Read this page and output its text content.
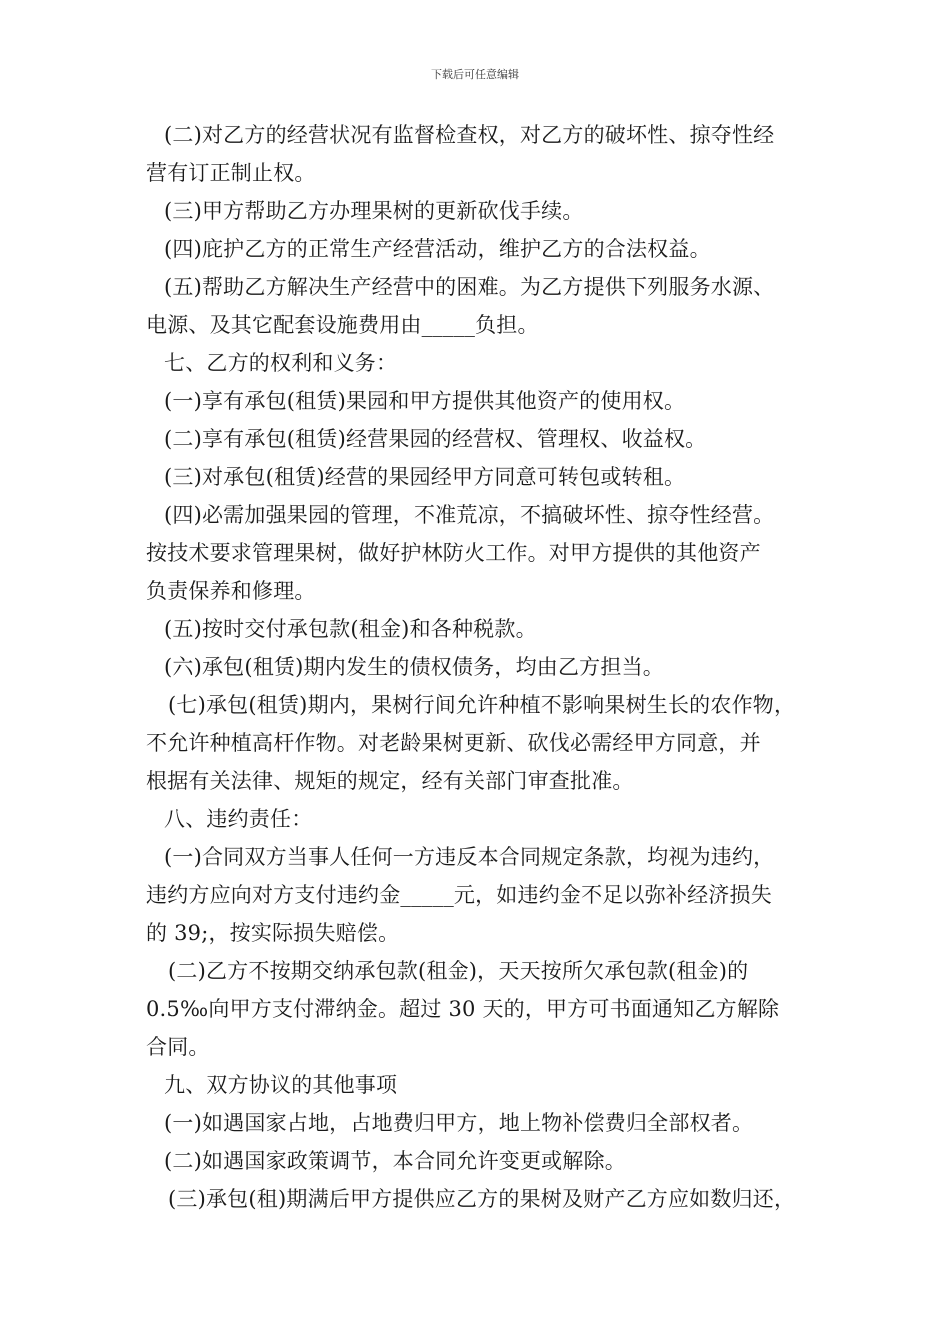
下载后可任意编辑
(二)对乙方的经营状况有监督检查权，对乙方的破坏性、掠夺性经
营有订正制止权。
(三)甲方帮助乙方办理果树的更新砍伐手续。
(四)庇护乙方的正常生产经营活动，维护乙方的合法权益。
(五)帮助乙方解决生产经营中的困难。为乙方提供下列服务水源、
电源、及其它配套设施费用由_____负担。
七、乙方的权利和义务：
(一)享有承包(租赁)果园和甲方提供其他资产的使用权。
(二)享有承包(租赁)经营果园的经营权、管理权、收益权。
(三)对承包(租赁)经营的果园经甲方同意可转包或转租。
(四)必需加强果园的管理，不准荒凉，不搞破坏性、掠夺性经营。
按技术要求管理果树，做好护林防火工作。对甲方提供的其他资产
负责保养和修理。
(五)按时交付承包款(租金)和各种税款。
(六)承包(租赁)期内发生的债权债务，均由乙方担当。
(七)承包(租赁)期内，果树行间允许种植不影响果树生长的农作物，
不允许种植高杆作物。对老龄果树更新、砍伐必需经甲方同意，并
根据有关法律、规矩的规定，经有关部门审查批准。
八、违约责任：
(一)合同双方当事人任何一方违反本合同规定条款，均视为违约，
违约方应向对方支付违约金_____元，如违约金不足以弥补经济损失
的 39;，按实际损失赔偿。
(二)乙方不按期交纳承包款(租金)，天天按所欠承包款(租金)的
0.5‰向甲方支付滞纳金。超过 30 天的，甲方可书面通知乙方解除
合同。
九、双方协议的其他事项
(一)如遇国家占地，占地费归甲方，地上物补偿费归全部权者。
(二)如遇国家政策调节，本合同允许变更或解除。
(三)承包(租)期满后甲方提供应乙方的果树及财产乙方应如数归还，
